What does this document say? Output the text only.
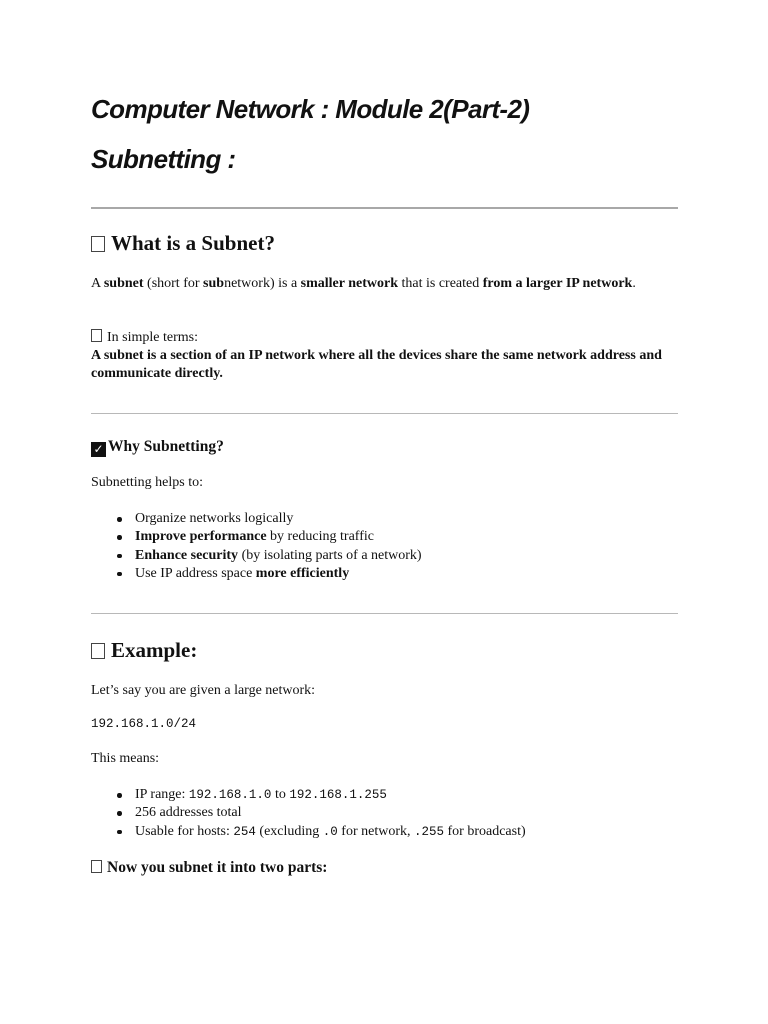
Computer Network : Module 2(Part-2)
Subnetting :
What is a Subnet?

A subnet (short for subnetwork) is a smaller network that is created from a larger IP network.

In simple terms:

A subnet is a section of an IP network where all the devices share the same network address and communicate directly.

✓ Why Subnetting?

Subnetting helps to:

Organize networks logically
Improve performance by reducing traffic
Enhance security (by isolating parts of a network)
Use IP address space more efficiently
Example:

Let’s say you are given a large network:

192.168.1.0/24

This means:

IP range: 192.168.1.0 to 192.168.1.255
256 addresses total
Usable for hosts: 254 (excluding .0 for network, .255 for broadcast)
Now you subnet it into two parts:
